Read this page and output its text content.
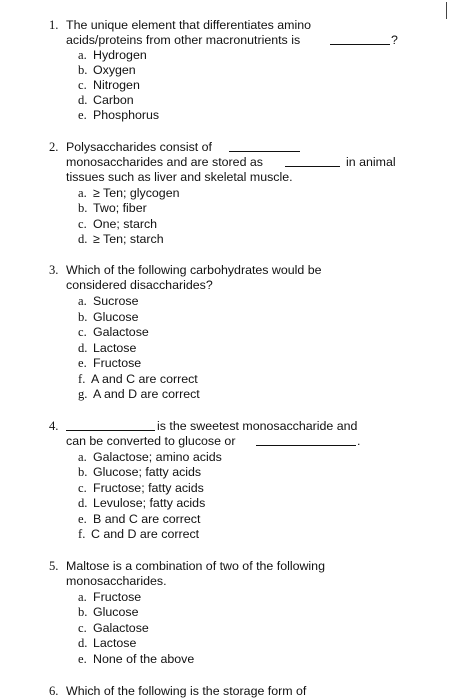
1. The unique element that differentiates amino
acids/proteins from other macronutrients is	?
a. Hydrogen
b. Oxygen
c. Nitrogen
d. Carbon
e. Phosphorus
2. Polysaccharides consist of
monosaccharides and are stored as	in animal
tissues such as liver and skeletal muscle.
a. ≥ Ten; glycogen
b. Two; fiber
c. One; starch
d. ≥ Ten; starch
3. Which of the following carbohydrates would be
considered disaccharides?
a. Sucrose
b. Glucose
c. Galactose
d. Lactose
e. Fructose
f. A and C are correct
g. A and D are correct
4.	is the sweetest monosaccharide and
can be converted to glucose or	.
a. Galactose; amino acids
b. Glucose; fatty acids
c. Fructose; fatty acids
d. Levulose; fatty acids
e. B and C are correct
f. C and D are correct
5. Maltose is a combination of two of the following
monosaccharides.
a. Fructose
b. Glucose
c. Galactose
d. Lactose
e. None of the above
6. Which of the following is the storage form of
